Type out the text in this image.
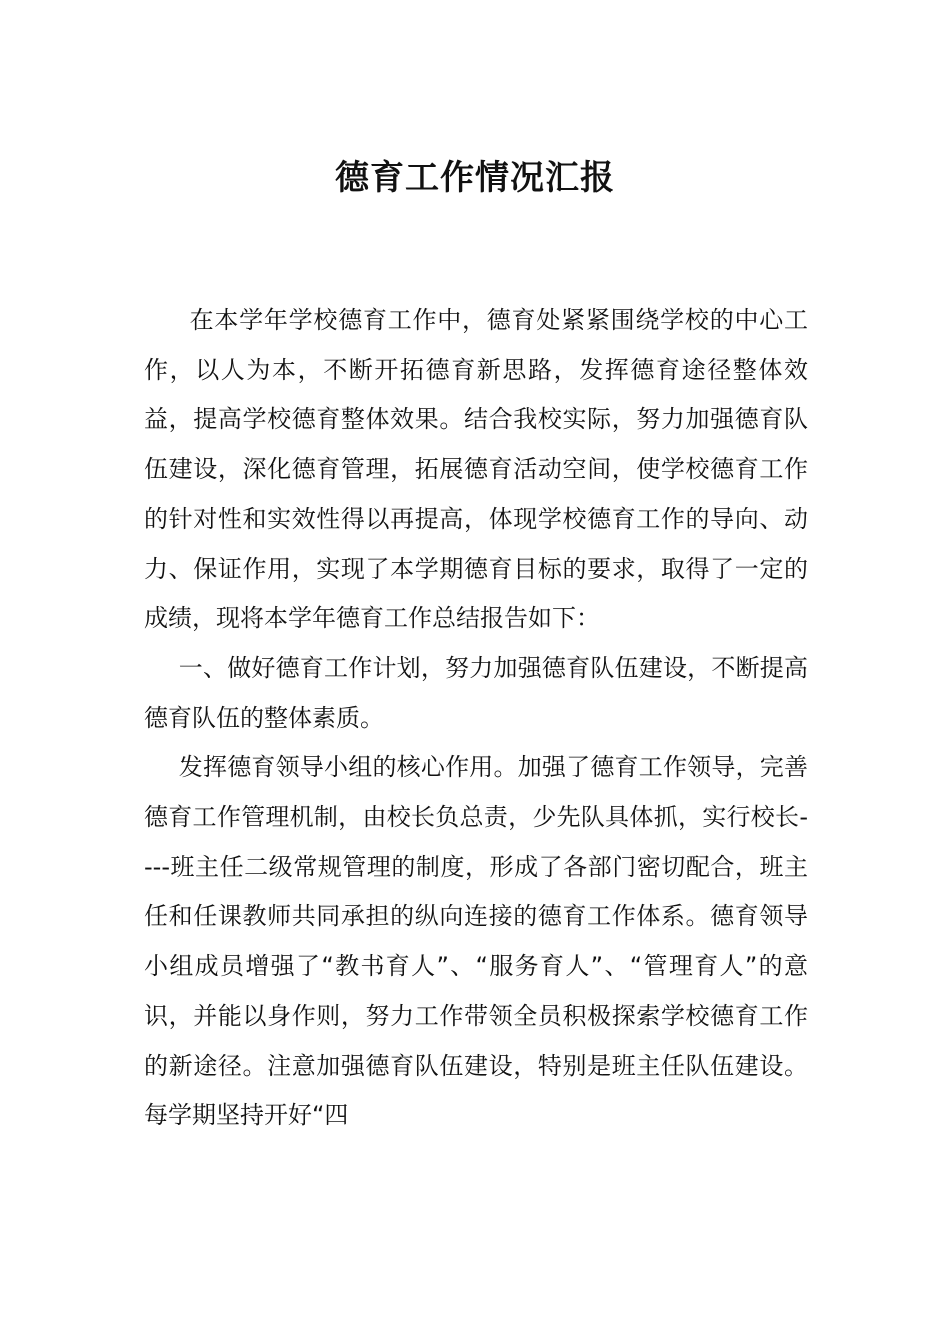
德育工作情况汇报

在本学年学校德育工作中，德育处紧紧围绕学校的中心工作，以人为本，不断开拓德育新思路，发挥德育途径整体效益，提高学校德育整体效果。结合我校实际，努力加强德育队伍建设，深化德育管理，拓展德育活动空间，使学校德育工作的针对性和实效性得以再提高，体现学校德育工作的导向、动力、保证作用，实现了本学期德育目标的要求，取得了一定的成绩，现将本学年德育工作总结报告如下：

一、做好德育工作计划，努力加强德育队伍建设，不断提高德育队伍的整体素质。

发挥德育领导小组的核心作用。加强了德育工作领导，完善德育工作管理机制，由校长负总责，少先队具体抓，实行校长----班主任二级常规管理的制度，形成了各部门密切配合，班主任和任课教师共同承担的纵向连接的德育工作体系。德育领导小组成员增强了“教书育人”、“服务育人”、“管理育人”的意识，并能以身作则，努力工作带领全员积极探索学校德育工作的新途径。注意加强德育队伍建设，特别是班主任队伍建设。每学期坚持开好“四
